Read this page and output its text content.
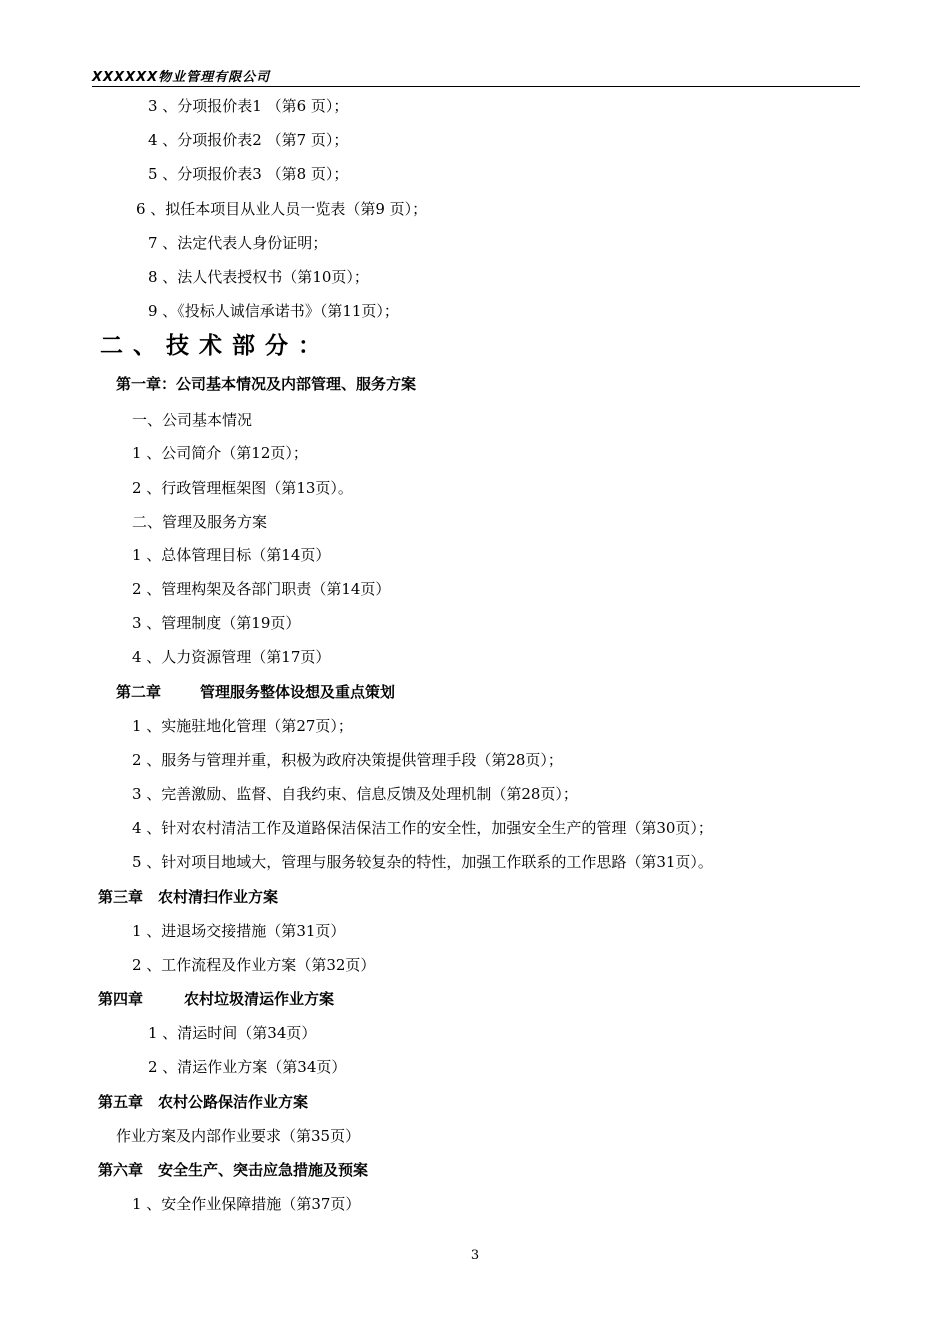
XXXXXX物业管理有限公司
3 、分项报价表1 （第6 页）；
4 、分项报价表2 （第7 页）；
5 、分项报价表3 （第8 页）；
6 、拟任本项目从业人员一览表（第9 页）；
7 、法定代表人身份证明；
8 、法人代表授权书（第10页）；
9 、《投标人诚信承诺书》（第11页）；
二、技术部分：
第一章：公司基本情况及内部管理、服务方案
一、公司基本情况
1 、公司简介（第12页）；
2 、行政管理框架图（第13页）。
二、管理及服务方案
1 、总体管理目标（第14页）
2 、管理构架及各部门职责（第14页）
3 、管理制度（第19页）
4 、人力资源管理（第17页）
第二章	管理服务整体设想及重点策划
1 、实施驻地化管理（第27页）；
2 、服务与管理并重，积极为政府决策提供管理手段（第28页）；
3 、完善激励、监督、自我约束、信息反馈及处理机制（第28页）；
4 、针对农村清洁工作及道路保洁保洁工作的安全性，加强安全生产的管理（第30页）；
5 、针对项目地域大，管理与服务较复杂的特性，加强工作联系的工作思路（第31页）。
第三章　农村清扫作业方案
1 、进退场交接措施（第31页）
2 、工作流程及作业方案（第32页）
第四章	农村垃圾清运作业方案
1 、清运时间（第34页）
2 、清运作业方案（第34页）
第五章　农村公路保洁作业方案
作业方案及内部作业要求（第35页）
第六章　安全生产、突击应急措施及预案
1 、安全作业保障措施（第37页）
3
